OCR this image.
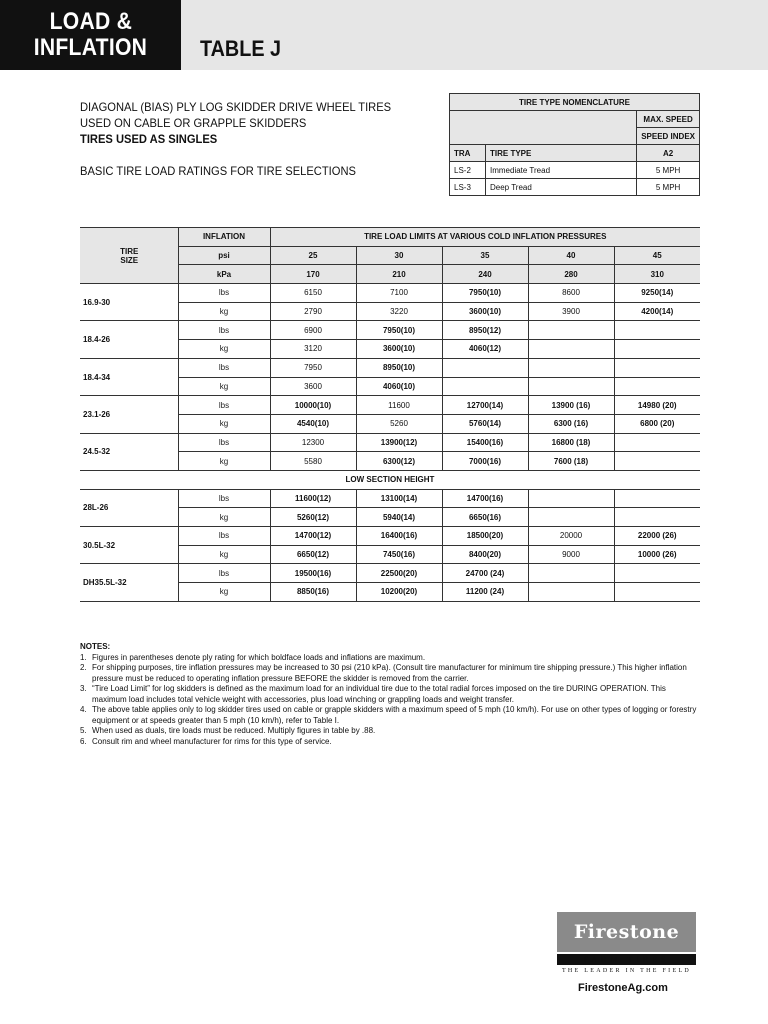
LOAD &
INFLATION TABLE J
DIAGONAL (BIAS) PLY LOG SKIDDER DRIVE WHEEL TIRES
USED ON CABLE OR GRAPPLE SKIDDERS
TIRES USED AS SINGLES
BASIC TIRE LOAD RATINGS FOR TIRE SELECTIONS
TIRE TYPE NOMENCLATURE		
		MAX. SPEED
		SPEED INDEX
TRA	TIRE TYPE	A2
LS-2	Immediate Tread	5 MPH
LS-3	Deep Tread	5 MPH
TIRE
SIZE	INFLATION	TIRE LOAD LIMITS AT VARIOUS COLD INFLATION PRESSURES				
	psi	25	30	35	40	45
	kPa	170	210	240	280	310
16.9-30	lbs	6150	7100	7950(10)	8600	9250(14)
	kg	2790	3220	3600(10)	3900	4200(14)
18.4-26	lbs	6900	7950(10)	8950(12)		
	kg	3120	3600(10)	4060(12)		
18.4-34	lbs	7950	8950(10)			
	kg	3600	4060(10)			
23.1-26	lbs	10000(10)	11600	12700(14)	13900 (16)	14980 (20)
	kg	4540(10)	5260	5760(14)	6300 (16)	6800 (20)
24.5-32	lbs	12300	13900(12)	15400(16)	16800 (18)	
	kg	5580	6300(12)	7000(16)	7600 (18)	
LOW SECTION HEIGHT						
28L-26	lbs	11600(12)	13100(14)	14700(16)		
	kg	5260(12)	5940(14)	6650(16)		
30.5L-32	lbs	14700(12)	16400(16)	18500(20)	20000	22000 (26)
	kg	6650(12)	7450(16)	8400(20)	9000	10000 (26)
DH35.5L-32	lbs	19500(16)	22500(20)	24700 (24)		
	kg	8850(16)	10200(20)	11200 (24)		
NOTES:
1. Figures in parentheses denote ply rating for which boldface loads and inflations are maximum.
2. For shipping purposes, tire inflation pressures may be increased to 30 psi (210 kPa). (Consult tire manufacturer for minimum tire shipping pressure.) This higher inflation pressure must be reduced to operating inflation pressure BEFORE the skidder is removed from the carrier.
3. “Tire Load Limit” for log skidders is defined as the maximum load for an individual tire due to the total radial forces imposed on the tire DURING OPERATION. This maximum load includes total vehicle weight with accessories, plus load winching or grappling loads and weight transfer.
4. The above table applies only to log skidder tires used on cable or grapple skidders with a maximum speed of 5 mph (10 km/h). For use on other types of logging or forestry equipment or at speeds greater than 5 mph (10 km/h), refer to Table I.
5. When used as duals, tire loads must be reduced. Multiply figures in table by .88.
6. Consult rim and wheel manufacturer for rims for this type of service.
Firestone
FARM TIRES
THE LEADER IN THE FIELD
FirestoneAg.com
